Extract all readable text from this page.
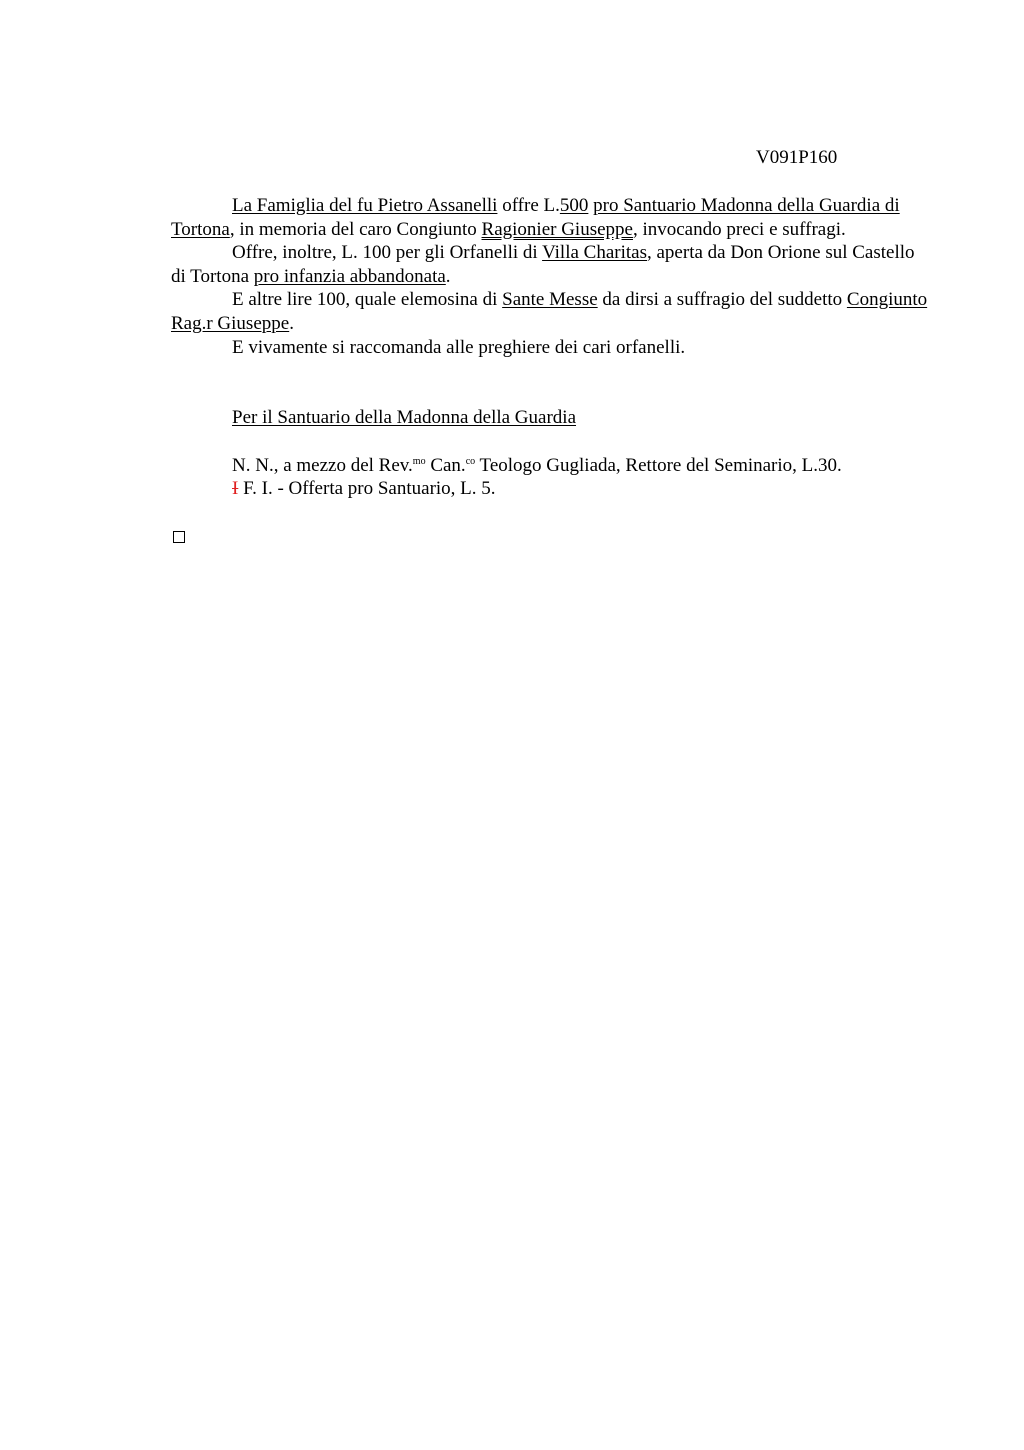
V091P160

La Famiglia del fu Pietro Assanelli offre L.500 pro Santuario Madonna della Guardia di Tortona, in memoria del caro Congiunto Ragionier Giuseppe, invocando preci e suffragi.

Offre, inoltre, L. 100 per gli Orfanelli di Villa Charitas, aperta da Don Orione sul Castello di Tortona pro infanzia abbandonata.

E altre lire 100, quale elemosina di Sante Messe da dirsi a suffragio del suddetto Congiunto Rag.r Giuseppe.

E vivamente si raccomanda alle preghiere dei cari orfanelli.

Per il Santuario della Madonna della Guardia

N. N., a mezzo del Rev.$^{mo}$ Can.$^{co}$ Teologo Gugliada, Rettore del Seminario, L.30.

I F. I. - Offerta pro Santuario, L. 5.
